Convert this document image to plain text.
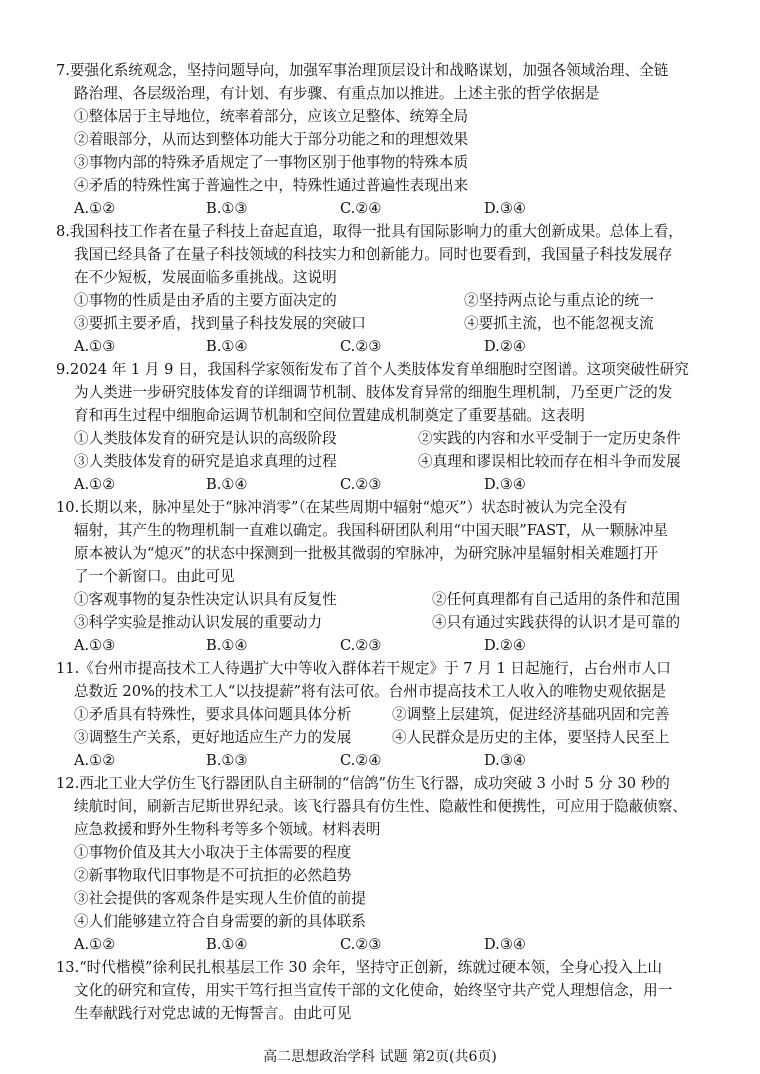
7.要强化系统观念，坚持问题导向，加强军事治理顶层设计和战略谋划，加强各领域治理、全链
路治理、各层级治理，有计划、有步骤、有重点加以推进。上述主张的哲学依据是
①整体居于主导地位，统率着部分，应该立足整体、统筹全局
②着眼部分，从而达到整体功能大于部分功能之和的理想效果
③事物内部的特殊矛盾规定了一事物区别于他事物的特殊本质
④矛盾的特殊性寓于普遍性之中，特殊性通过普遍性表现出来
A.①②	B.①③	C.②④	D.③④
8.我国科技工作者在量子科技上奋起直追，取得一批具有国际影响力的重大创新成果。总体上看，
我国已经具备了在量子科技领域的科技实力和创新能力。同时也要看到，我国量子科技发展存
在不少短板，发展面临多重挑战。这说明
①事物的性质是由矛盾的主要方面决定的	②坚持两点论与重点论的统一
③要抓主要矛盾，找到量子科技发展的突破口	④要抓主流，也不能忽视支流
A.①③	B.①④	C.②③	D.②④
9.2024 年 1 月 9 日，我国科学家领衔发布了首个人类肢体发育单细胞时空图谱。这项突破性研究
为人类进一步研究肢体发育的详细调节机制、肢体发育异常的细胞生理机制，乃至更广泛的发
育和再生过程中细胞命运调节机制和空间位置建成机制奠定了重要基础。这表明
①人类肢体发育的研究是认识的高级阶段	②实践的内容和水平受制于一定历史条件
③人类肢体发育的研究是追求真理的过程	④真理和谬误相比较而存在相斗争而发展
A.①②	B.①④	C.②③	D.③④
10.长期以来，脉冲星处于“脉冲消零”（在某些周期中辐射“熄灭”）状态时被认为完全没有
辐射，其产生的物理机制一直难以确定。我国科研团队利用“中国天眼”FAST，从一颗脉冲星
原本被认为“熄灭”的状态中探测到一批极其微弱的窄脉冲，为研究脉冲星辐射相关难题打开
了一个新窗口。由此可见
①客观事物的复杂性决定认识具有反复性	②任何真理都有自己适用的条件和范围
③科学实验是推动认识发展的重要动力	④只有通过实践获得的认识才是可靠的
A.①③	B.①④	C.②③	D.②④
11.《台州市提高技术工人待遇扩大中等收入群体若干规定》于 7 月 1 日起施行，占台州市人口
总数近 20%的技术工人“以技提薪”将有法可依。台州市提高技术工人收入的唯物史观依据是
①矛盾具有特殊性，要求具体问题具体分析	②调整上层建筑，促进经济基础巩固和完善
③调整生产关系，更好地适应生产力的发展	④人民群众是历史的主体，要坚持人民至上
A.①②	B.①③	C.②④	D.③④
12.西北工业大学仿生飞行器团队自主研制的“信鸽”仿生飞行器，成功突破 3 小时 5 分 30 秒的
续航时间，刷新吉尼斯世界纪录。该飞行器具有仿生性、隐蔽性和便携性，可应用于隐蔽侦察、
应急救援和野外生物科考等多个领域。材料表明
①事物价值及其大小取决于主体需要的程度
②新事物取代旧事物是不可抗拒的必然趋势
③社会提供的客观条件是实现人生价值的前提
④人们能够建立符合自身需要的新的具体联系
A.①②	B.①④	C.②③	D.③④
13.“时代楷模”徐利民扎根基层工作 30 余年，坚持守正创新，练就过硬本领，全身心投入上山
文化的研究和宣传，用实干笃行担当宣传干部的文化使命，始终坚守共产党人理想信念，用一
生奉献践行对党忠诚的无悔誓言。由此可见
高二思想政治学科 试题 第2页(共6页)
